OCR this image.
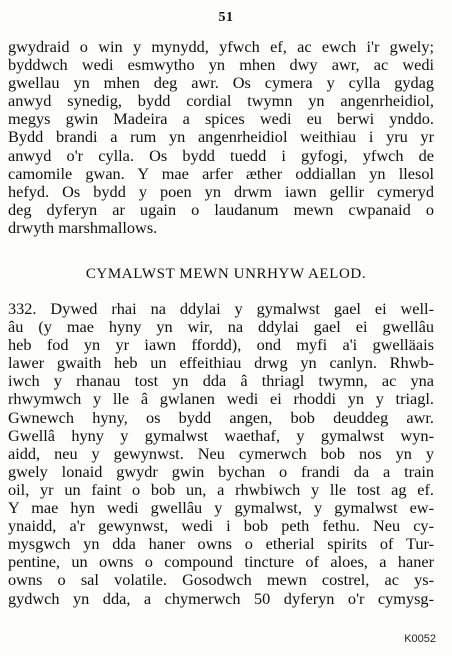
51
gwydraid o win y mynydd, yfwch ef, ac ewch i'r gwely;
byddwch wedi esmwytho yn mhen dwy awr, ac wedi
gwellau yn mhen deg awr. Os cymera y cylla gydag
anwyd synedig, bydd cordial twymn yn angenrheidiol,
megys gwin Madeira a spices wedi eu berwi ynddo.
Bydd brandi a rum yn angenrheidiol weithiau i yru yr
anwyd o'r cylla. Os bydd tuedd i gyfogi, yfwch de
camomile gwan. Y mae arfer æther oddiallan yn llesol
hefyd. Os bydd y poen yn drwm iawn gellir cymeryd
deg dyferyn ar ugain o laudanum mewn cwpanaid o
drwyth marshmallows.
CYMALWST MEWN UNRHYW AELOD.
332. Dywed rhai na ddylai y gymalwst gael ei well-
âu (y mae hyny yn wir, na ddylai gael ei gwellâu
heb fod yn yr iawn ffordd), ond myfi a'i gwelläais
lawer gwaith heb un effeithiau drwg yn canlyn. Rhwb-
iwch y rhanau tost yn dda â thriagl twymn, ac yna
rhwymwch y lle â gwlanen wedi ei rhoddi yn y triagl.
Gwnewch hyny, os bydd angen, bob deuddeg awr.
Gwellâ hyny y gymalwst waethaf, y gymalwst wyn-
aidd, neu y gewynwst. Neu cymerwch bob nos yn y
gwely lonaid gwydr gwin bychan o frandi da a train
oil, yr un faint o bob un, a rhwbiwch y lle tost ag ef.
Y mae hyn wedi gwellâu y gymalwst, y gymalwst ew-
ynaidd, a'r gewynwst, wedi i bob peth fethu. Neu cy-
mysgwch yn dda haner owns o etherial spirits of Tur-
pentine, un owns o compound tincture of aloes, a haner
owns o sal volatile. Gosodwch mewn costrel, ac ys-
gydwch yn dda, a chymerwch 50 dyferyn o'r cymysg-
K0052
